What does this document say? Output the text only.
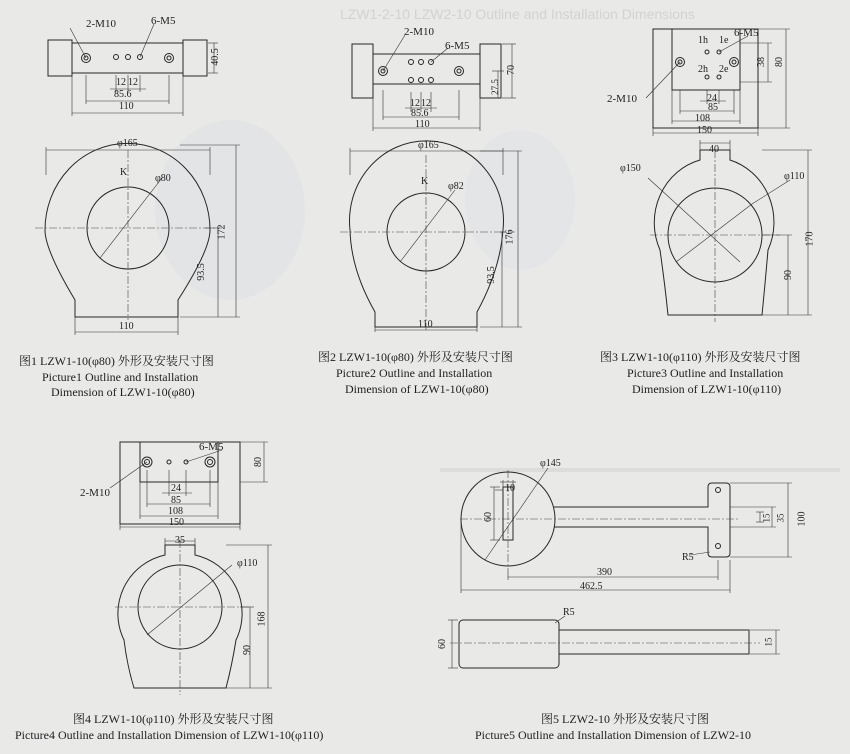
LZW1-2-10 LZW2-10 Outline and Installation Dimensions
2-M10	6-M5
40.5
12 12
85.6
110
φ165
K
φ80
172
93.5
110
图1 LZW1-10(φ80) 外形及安装尺寸图
Picture1 Outline and Installation
Dimension of LZW1-10(φ80)
2-M10
6-M5
70
27.5
12 12
85.6
110
φ165
K φ82
176
93.5
110
图2 LZW1-10(φ80) 外形及安装尺寸图
Picture2 Outline and Installation
Dimension of LZW1-10(φ80)
1h 1e
6-M5
2h 2e
2-M10
38 80
24
85
108
150
40
φ150
φ110
170
90
图3 LZW1-10(φ110) 外形及安装尺寸图
Picture3 Outline and Installation
Dimension of LZW1-10(φ110)
6-M5
80
2-M10	24
85
108
150
35
φ110
168
90
图4 LZW1-10(φ110) 外形及安装尺寸图
Picture4 Outline and Installation Dimension of LZW1-10(φ110)
φ145
10
60
R5
390
462.5
100
35
15
R5
60	15
图5 LZW2-10 外形及安装尺寸图
Picture5 Outline and Installation Dimension of LZW2-10
